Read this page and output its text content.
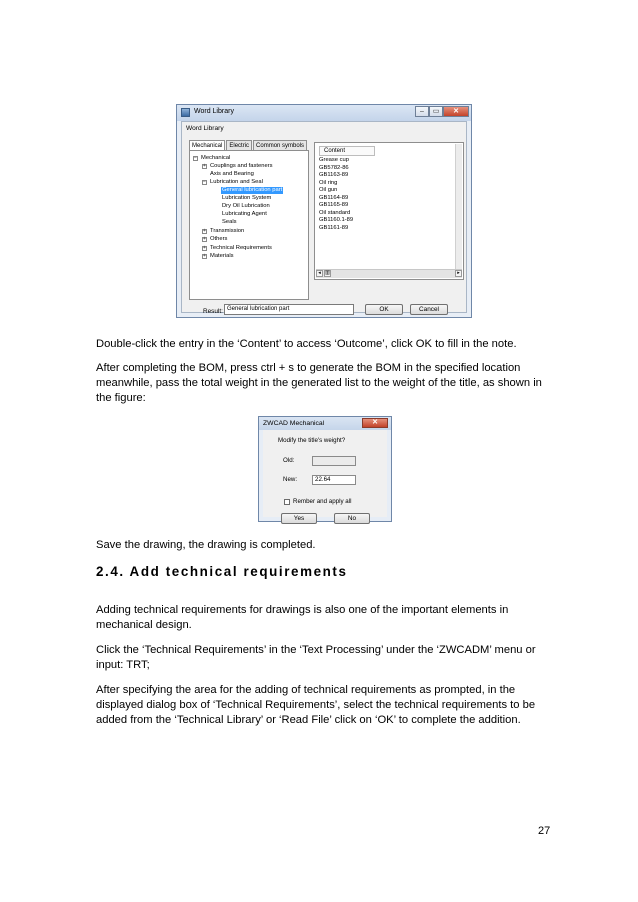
Word Library	–	▭	✕
Word Library
Mechanical	Electric	Common symbols
− Mechanical
+ Couplings and fasteners
Axis and Bearing
− Lubrication and Seal
General lubrication part
Lubrication System
Dry Oil Lubrication
Lubricating Agent
Seals
+ Transmission
+ Others
+ Technical Requirements
+ Materials
Content
Grease cup
GB5782-86
GB1163-89
Oil ring
Oil gun
GB1164-89
GB1165-89
Oil standard
GB1160.1-89
GB1161-89
◂ ▥	▸
Result: General lubrication part	OK	Cancel

Double-click the entry in the ‘Content’ to access ‘Outcome’, click OK to fill in the note.

After completing the BOM, press ctrl + s to generate the BOM in the specified location meanwhile, pass the total weight in the generated list to the weight of the title, as shown in the figure:

ZWCAD Mechanical	✕
Modify the title's weight?
Old:
New:	22.64
Rember and apply all
Yes	No

Save the drawing, the drawing is completed.

2.4. Add technical requirements

Adding technical requirements for drawings is also one of the important elements in mechanical design.

Click the ‘Technical Requirements’ in the ‘Text Processing’ under the ‘ZWCADM’ menu or input: TRT;

After specifying the area for the adding of technical requirements as prompted, in the displayed dialog box of ‘Technical Requirements’, select the technical requirements to be added from the ‘Technical Library’ or ‘Read File’ click on ‘OK’ to complete the addition.

27
